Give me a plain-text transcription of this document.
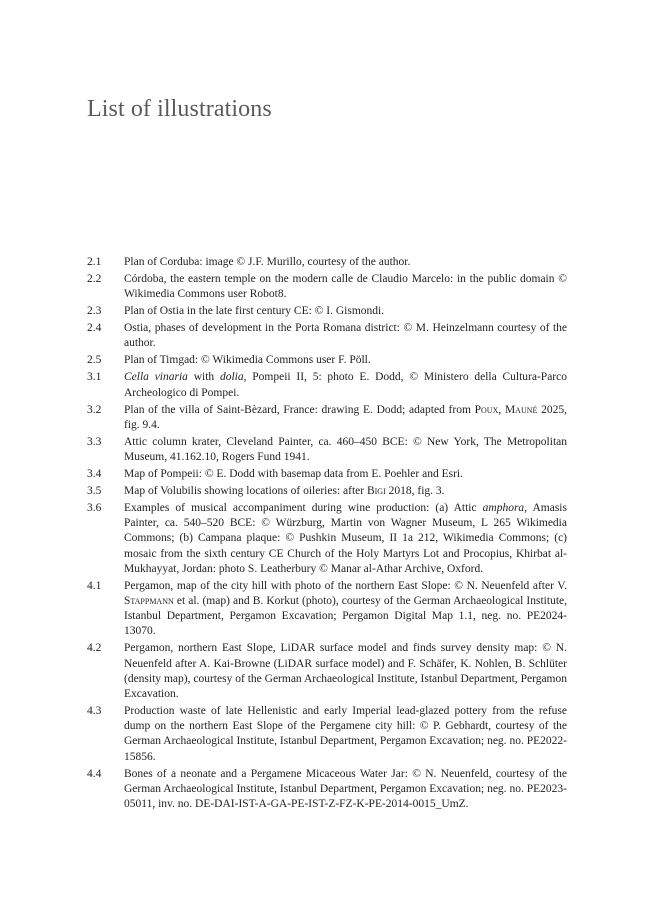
List of illustrations
2.1	Plan of Corduba: image © J.F. Murillo, courtesy of the author.
2.2	Córdoba, the eastern temple on the modern calle de Claudio Marcelo: in the public domain © Wikimedia Commons user Robot8.
2.3	Plan of Ostia in the late first century CE: © I. Gismondi.
2.4	Ostia, phases of development in the Porta Romana district: © M. Heinzelmann courtesy of the author.
2.5	Plan of Timgad: © Wikimedia Commons user F. Pöll.
3.1	Cella vinaria with dolia, Pompeii II, 5: photo E. Dodd, © Ministero della Cultura-Parco Archeologico di Pompei.
3.2	Plan of the villa of Saint-Bèzard, France: drawing E. Dodd; adapted from Poux, Mauné 2025, fig. 9.4.
3.3	Attic column krater, Cleveland Painter, ca. 460–450 BCE: © New York, The Metropolitan Museum, 41.162.10, Rogers Fund 1941.
3.4	Map of Pompeii: © E. Dodd with basemap data from E. Poehler and Esri.
3.5	Map of Volubilis showing locations of oileries: after Bigi 2018, fig. 3.
3.6	Examples of musical accompaniment during wine production: (a) Attic amphora, Amasis Painter, ca. 540–520 BCE: © Würzburg, Martin von Wagner Museum, L 265 Wikimedia Commons; (b) Campana plaque: © Pushkin Museum, II 1a 212, Wikimedia Commons; (c) mosaic from the sixth century CE Church of the Holy Martyrs Lot and Procopius, Khirbat al-Mukhayyat, Jordan: photo S. Leatherbury © Manar al-Athar Archive, Oxford.
4.1	Pergamon, map of the city hill with photo of the northern East Slope: © N. Neuenfeld after V. Stappmann et al. (map) and B. Korkut (photo), courtesy of the German Archaeological Institute, Istanbul Department, Pergamon Excavation; Pergamon Digital Map 1.1, neg. no. PE2024-13070.
4.2	Pergamon, northern East Slope, LiDAR surface model and finds survey density map: © N. Neuenfeld after A. Kai-Browne (LiDAR surface model) and F. Schäfer, K. Nohlen, B. Schlüter (density map), courtesy of the German Archaeological Institute, Istanbul Department, Pergamon Excavation.
4.3	Production waste of late Hellenistic and early Imperial lead-glazed pottery from the refuse dump on the northern East Slope of the Pergamene city hill: © P. Gebhardt, courtesy of the German Archaeological Institute, Istanbul Department, Pergamon Excavation; neg. no. PE2022-15856.
4.4	Bones of a neonate and a Pergamene Micaceous Water Jar: © N. Neuenfeld, courtesy of the German Archaeological Institute, Istanbul Department, Pergamon Excavation; neg. no. PE2023-05011, inv. no. DE-DAI-IST-A-GA-PE-IST-Z-FZ-K-PE-2014-0015_UmZ.
